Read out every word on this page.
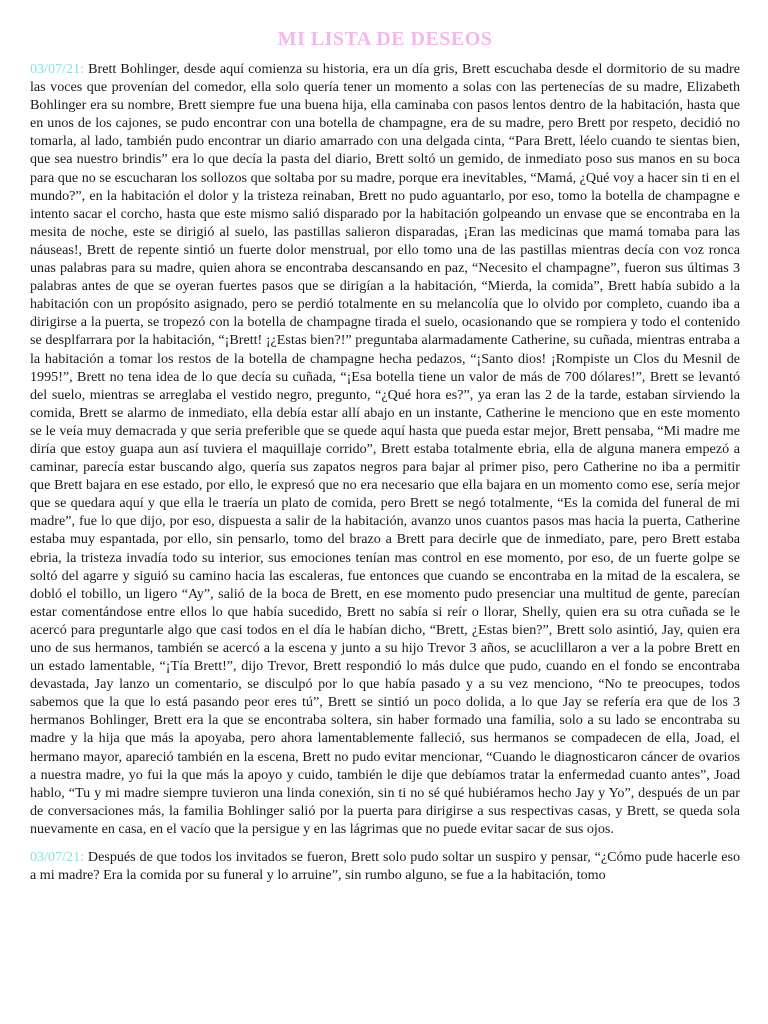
MI LISTA DE DESEOS

03/07/21: Brett Bohlinger, desde aquí comienza su historia, era un día gris, Brett escuchaba desde el dormitorio de su madre las voces que provenían del comedor, ella solo quería tener un momento a solas con las pertenecías de su madre, Elizabeth Bohlinger era su nombre, Brett siempre fue una buena hija, ella caminaba con pasos lentos dentro de la habitación, hasta que en unos de los cajones, se pudo encontrar con una botella de champagne, era de su madre, pero Brett por respeto, decidió no tomarla, al lado, también pudo encontrar un diario amarrado con una delgada cinta, “Para Brett, léelo cuando te sientas bien, que sea nuestro brindis” era lo que decía la pasta del diario, Brett soltó un gemido, de inmediato poso sus manos en su boca para que no se escucharan los sollozos que soltaba por su madre, porque era inevitables, “Mamá, ¿Qué voy a hacer sin ti en el mundo?”, en la habitación el dolor y la tristeza reinaban, Brett no pudo aguantarlo, por eso, tomo la botella de champagne e intento sacar el corcho, hasta que este mismo salió disparado por la habitación golpeando un envase que se encontraba en la mesita de noche, este se dirigió al suelo, las pastillas salieron disparadas, ¡Eran las medicinas que mamá tomaba para las náuseas!, Brett de repente sintió un fuerte dolor menstrual, por ello tomo una de las pastillas mientras decía con voz ronca unas palabras para su madre, quien ahora se encontraba descansando en paz, “Necesito el champagne”, fueron sus últimas 3 palabras antes de que se oyeran fuertes pasos que se dirigían a la habitación, “Mierda, la comida”, Brett había subido a la habitación con un propósito asignado, pero se perdió totalmente en su melancolía que lo olvido por completo, cuando iba a dirigirse a la puerta, se tropezó con la botella de champagne tirada el suelo, ocasionando que se rompiera y todo el contenido se desplfarrara por la habitación, “¡Brett! ¡¿Estas bien?!” preguntaba alarmadamente Catherine, su cuñada, mientras entraba a la habitación a tomar los restos de la botella de champagne hecha pedazos, “¡Santo dios! ¡Rompiste un Clos du Mesnil de 1995!”, Brett no tena idea de lo que decía su cuñada, “¡Esa botella tiene un valor de más de 700 dólares!”, Brett se levantó del suelo, mientras se arreglaba el vestido negro, pregunto, “¿Qué hora es?”, ya eran las 2 de la tarde, estaban sirviendo la comida, Brett se alarmo de inmediato, ella debía estar allí abajo en un instante, Catherine le menciono que en este momento se le veía muy demacrada y que seria preferible que se quede aquí hasta que pueda estar mejor, Brett pensaba, “Mi madre me diría que estoy guapa aun así tuviera el maquillaje corrido”, Brett estaba totalmente ebria, ella de alguna manera empezó a caminar, parecía estar buscando algo, quería sus zapatos negros para bajar al primer piso, pero Catherine no iba a permitir que Brett bajara en ese estado, por ello, le expresó que no era necesario que ella bajara en un momento como ese, sería mejor que se quedara aquí y que ella le traería un plato de comida, pero Brett se negó totalmente, “Es la comida del funeral de mi madre”, fue lo que dijo, por eso, dispuesta a salir de la habitación, avanzo unos cuantos pasos mas hacia la puerta, Catherine estaba muy espantada, por ello, sin pensarlo, tomo del brazo a Brett para decirle que de inmediato, pare, pero Brett estaba ebria, la tristeza invadía todo su interior, sus emociones tenían mas control en ese momento, por eso, de un fuerte golpe se soltó del agarre y siguió su camino hacia las escaleras, fue entonces que cuando se encontraba en la mitad de la escalera, se dobló el tobillo, un ligero “Ay”, salió de la boca de Brett, en ese momento pudo presenciar una multitud de gente, parecían estar comentándose entre ellos lo que había sucedido, Brett no sabía si reír o llorar, Shelly, quien era su otra cuñada se le acercó para preguntarle algo que casi todos en el día le habían dicho, “Brett, ¿Estas bien?”, Brett solo asintió, Jay, quien era uno de sus hermanos, también se acercó a la escena y junto a su hijo Trevor 3 años, se acuclillaron a ver a la pobre Brett en un estado lamentable, “¡Tía Brett!”, dijo Trevor, Brett respondió lo más dulce que pudo, cuando en el fondo se encontraba devastada, Jay lanzo un comentario, se disculpó por lo que había pasado y a su vez menciono, “No te preocupes, todos sabemos que la que lo está pasando peor eres tú”, Brett se sintió un poco dolida, a lo que Jay se refería era que de los 3 hermanos Bohlinger, Brett era la que se encontraba soltera, sin haber formado una familia, solo a su lado se encontraba su madre y la hija que más la apoyaba, pero ahora lamentablemente falleció, sus hermanos se compadecen de ella, Joad, el hermano mayor, apareció también en la escena, Brett no pudo evitar mencionar, “Cuando le diagnosticaron cáncer de ovarios a nuestra madre, yo fui la que más la apoyo y cuido, también le dije que debíamos tratar la enfermedad cuanto antes”, Joad hablo, “Tu y mi madre siempre tuvieron una linda conexión, sin ti no sé qué hubiéramos hecho Jay y Yo”, después de un par de conversaciones más, la familia Bohlinger salió por la puerta para dirigirse a sus respectivas casas, y Brett, se queda sola nuevamente en casa, en el vacío que la persigue y en las lágrimas que no puede evitar sacar de sus ojos.

03/07/21: Después de que todos los invitados se fueron, Brett solo pudo soltar un suspiro y pensar, “¿Cómo pude hacerle eso a mi madre? Era la comida por su funeral y lo arruine”, sin rumbo alguno, se fue a la habitación, tomo
